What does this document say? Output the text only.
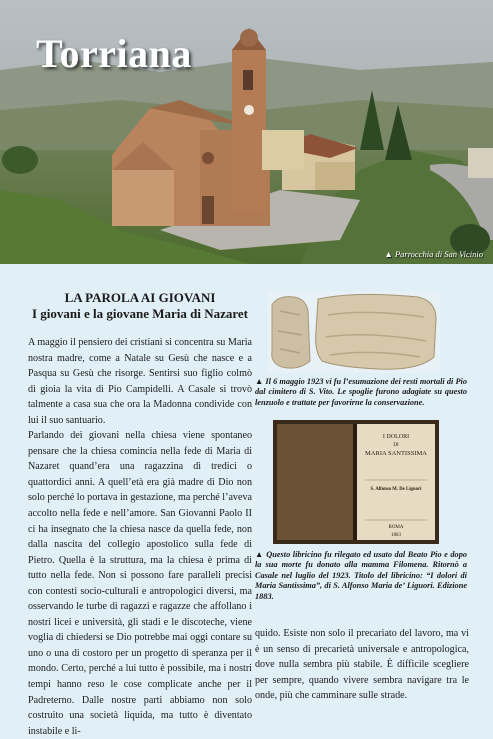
Torriana
▲ Parrocchia di San Vicinio
LA PAROLA AI GIOVANI
I giovani e la giovane Maria di Nazaret

A maggio il pensiero dei cristiani si concentra su Maria nostra madre, come a Natale su Gesù che nasce e a Pasqua su Gesù che risorge. Sentirsi suo figlio colmò di gioia la vita di Pio Campidelli. A Casale si trovò talmente a casa sua che ora la Madonna condivide con lui il suo santuario.

Parlando dei giovani nella chiesa viene spontaneo pensare che la chiesa comincia nella fede di Maria di Nazaret quand’era una ragazzina di tredici o quattordici anni. A quell’età era già madre di Dio non solo perché lo portava in gestazione, ma perché l’aveva accolto nella fede e nell’amore. San Giovanni Paolo II ci ha insegnato che la chiesa nasce da quella fede, non dalla nascita del collegio apostolico sulla fede di Pietro. Quella è la struttura, ma la chiesa è prima di tutto nella fede. Non si possono fare paralleli precisi con contesti socio-culturali e antropologici diversi, ma osservando le turbe di ragazzi e ragazze che affollano i nostri licei e università, gli stadi e le discoteche, viene voglia di chiedersi se Dio potrebbe mai oggi contare su uno o una di costoro per un progetto di speranza per il mondo. Certo, perché a lui tutto è possibile, ma i nostri tempi hanno reso le cose complicate anche per il Padreterno. Dalle nostre parti abbiamo non solo costruito una società liquida, ma tutto è diventato instabile e li-

▲ Il 6 maggio 1923 vi fu l’esumazione dei resti mortali di Pio dal cimitero di S. Vito. Le spoglie furono adagiate su questo lenzuolo e trattate per favorirne la conservazione.
I DOLORI
DI
MARIA SANTISSIMA
S. Alfonso M. De Liguori
ROMA
1883
▲ Questo libricino fu rilegato ed usato dal Beato Pio e dopo la sua morte fu donato alla mamma Filomena. Ritornò a Casale nel luglio del 1923. Titolo del libricino: “I dolori di Maria Santissima”, di S. Alfonso Maria de’ Liguori. Edizione 1883.
quido. Esiste non solo il precariato del lavoro, ma vi è un senso di precarietà universale e antropologica, dove nulla sembra più stabile. È difficile scegliere per sempre, quando vivere sembra navigare tra le onde, più che camminare sulle strade.
